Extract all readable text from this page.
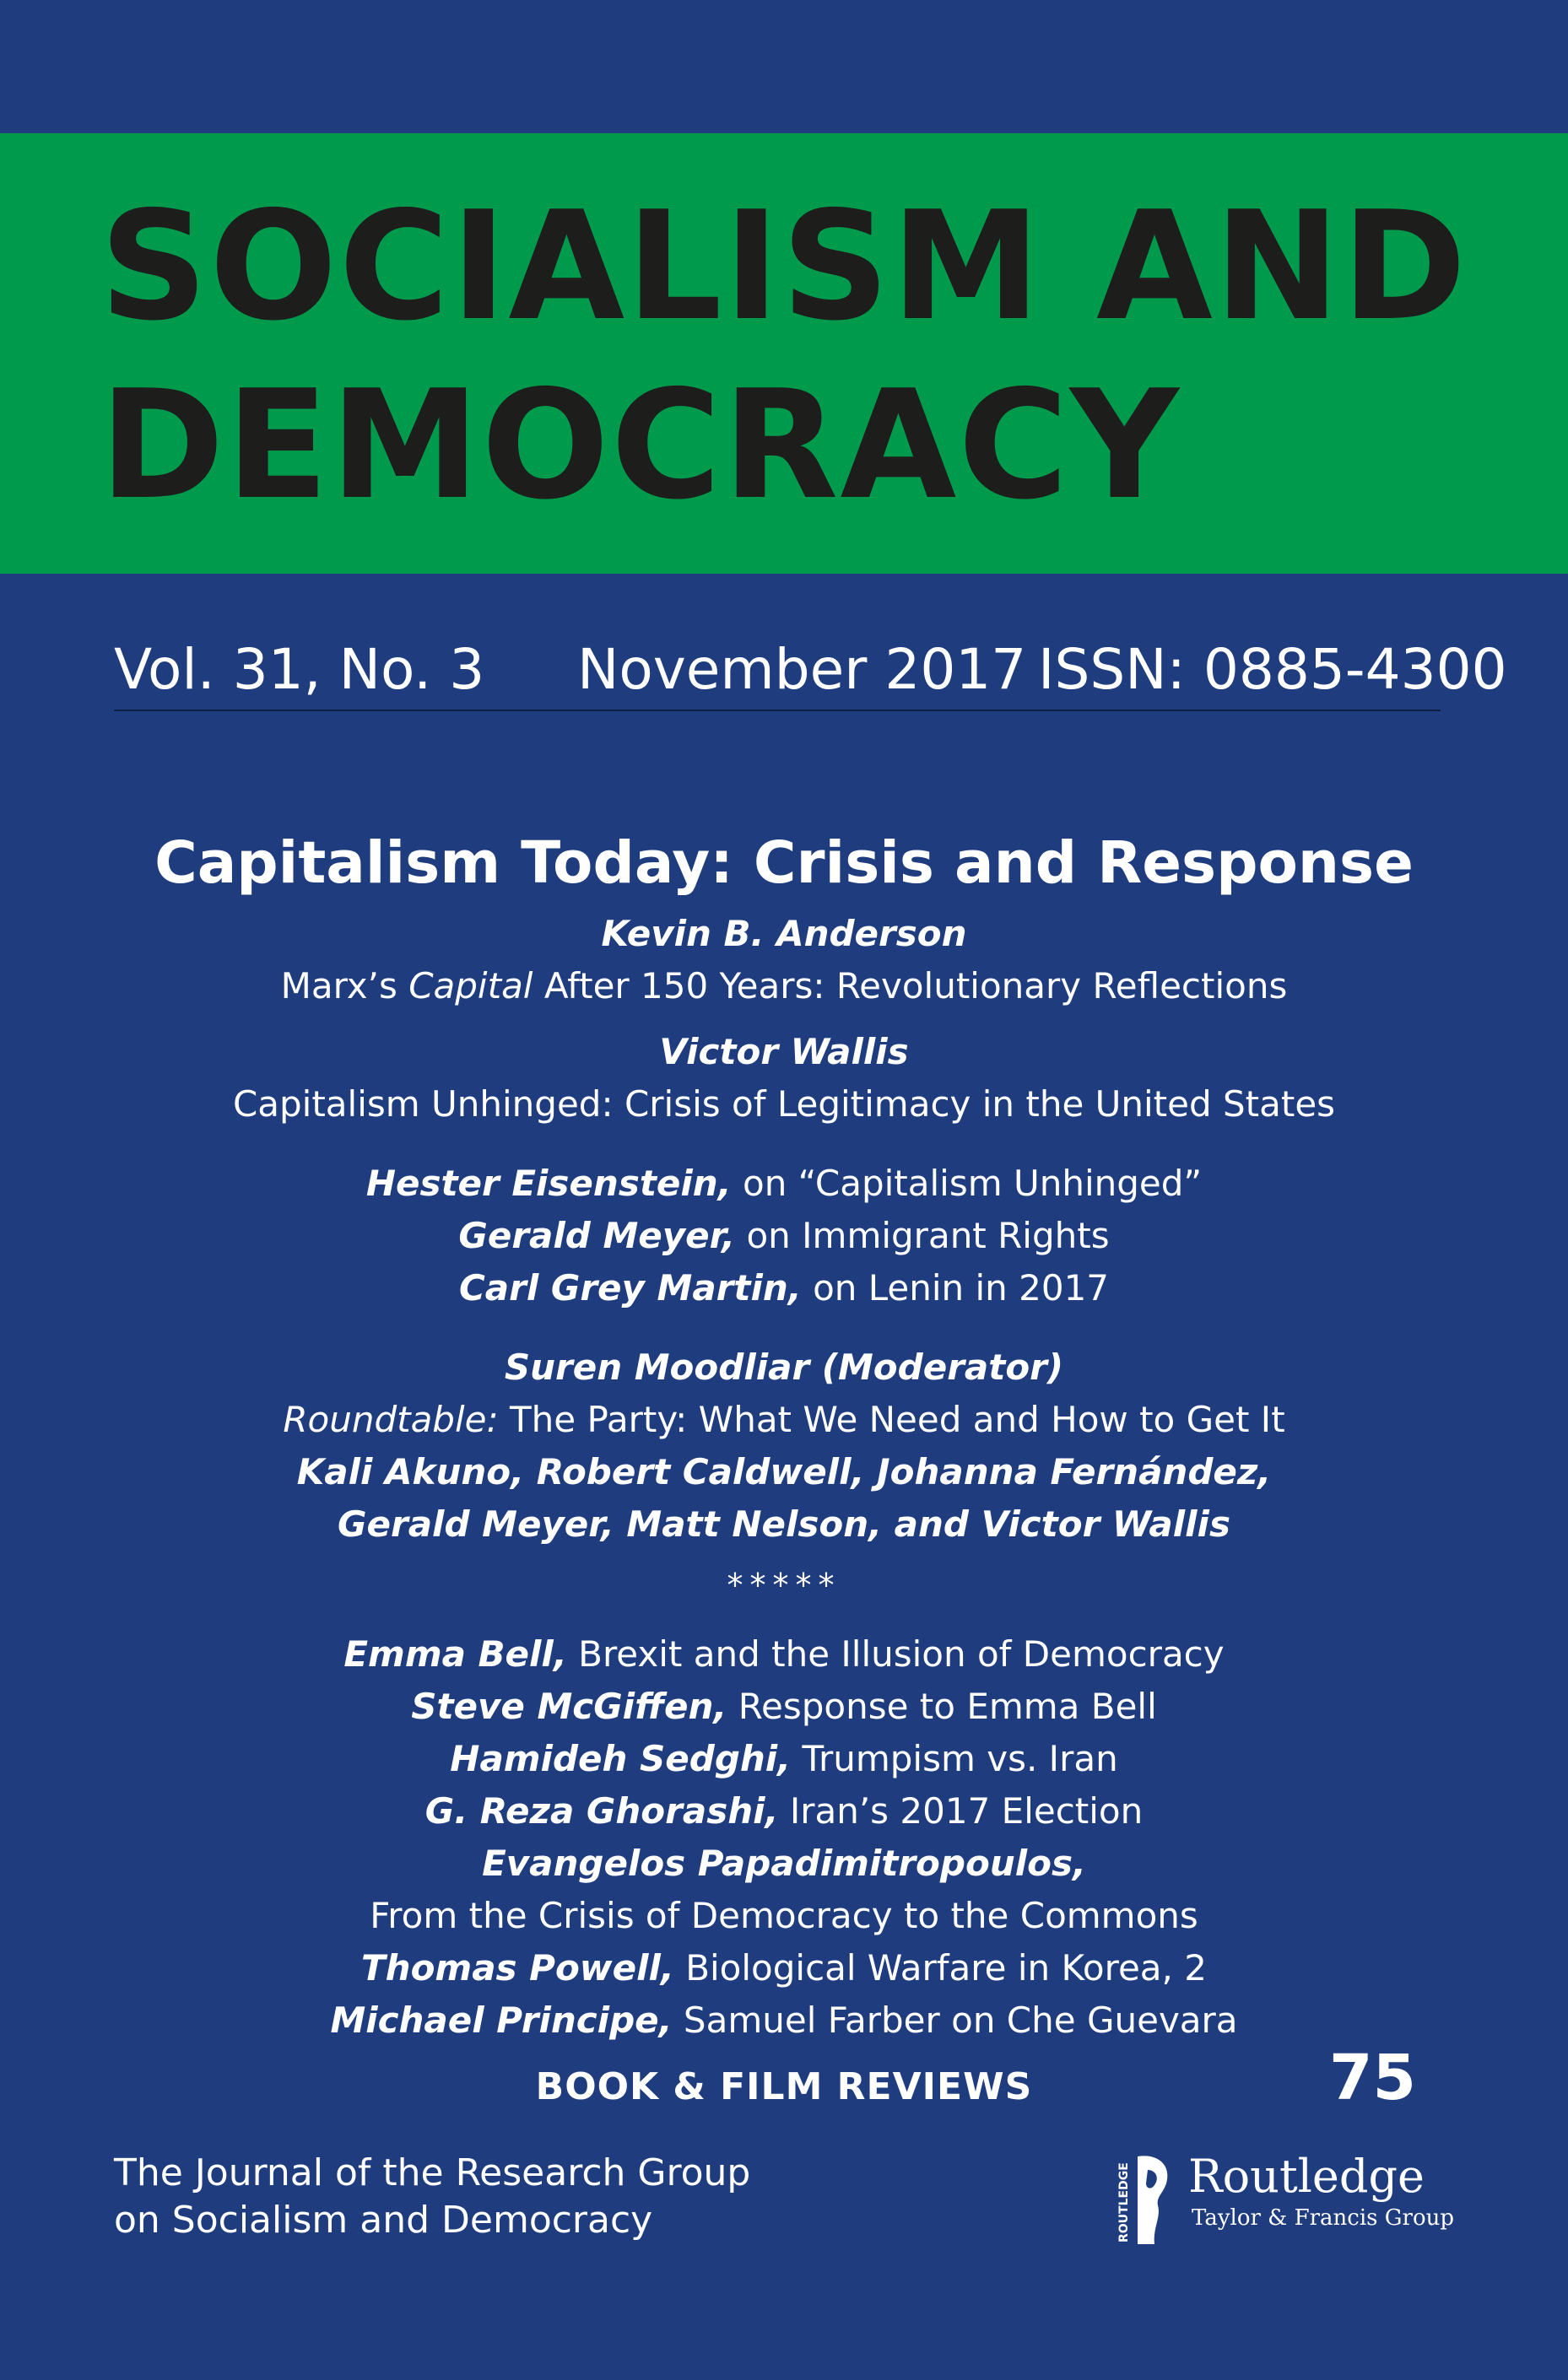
SOCIALISM AND
DEMOCRACY
Vol. 31, No. 3 November 2017 ISSN: 0885-4300
Capitalism Today: Crisis and Response
Kevin B. Anderson
Marx’s Capital After 150 Years: Revolutionary Reflections
Victor Wallis
Capitalism Unhinged: Crisis of Legitimacy in the United States
Hester Eisenstein, on “Capitalism Unhinged”
Gerald Meyer, on Immigrant Rights
Carl Grey Martin, on Lenin in 2017
Suren Moodliar (Moderator)
Roundtable: The Party: What We Need and How to Get It
Kali Akuno, Robert Caldwell, Johanna Fernández,
Gerald Meyer, Matt Nelson, and Victor Wallis
*****
Emma Bell, Brexit and the Illusion of Democracy
Steve McGiffen, Response to Emma Bell
Hamideh Sedghi, Trumpism vs. Iran
G. Reza Ghorashi, Iran’s 2017 Election
Evangelos Papadimitropoulos,
From the Crisis of Democracy to the Commons
Thomas Powell, Biological Warfare in Korea, 2
Michael Principe, Samuel Farber on Che Guevara
BOOK & FILM REVIEWS	75
The Journal of the Research Group
on Socialism and Democracy	ROUTLEDGE Routledge
Taylor & Francis Group
